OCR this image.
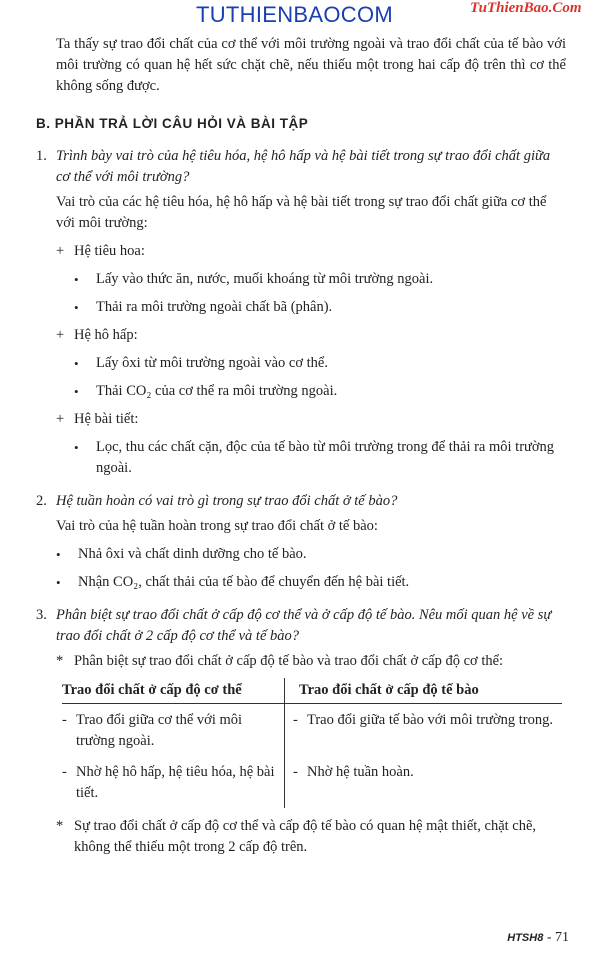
TUTHIENBAOCOM	TuThienBao.Com

Ta thấy sự trao đổi chất của cơ thể với môi trường ngoài và trao đổi chất của tế bào với môi trường có quan hệ hết sức chặt chẽ, nếu thiếu một trong hai cấp độ trên thì cơ thể không sống được.

B. PHẦN TRẢ LỜI CÂU HỎI VÀ BÀI TẬP
1. Trình bày vai trò của hệ tiêu hóa, hệ hô hấp và hệ bài tiết trong sự trao đổi chất giữa cơ thể với môi trường?

Vai trò của các hệ tiêu hóa, hệ hô hấp và hệ bài tiết trong sự trao đổi chất giữa cơ thể với môi trường:

+ Hệ tiêu hoa:
•	Lấy vào thức ăn, nước, muối khoáng từ môi trường ngoài.
•	Thải ra môi trường ngoài chất bã (phân).
+ Hệ hô hấp:
•	Lấy ôxi từ môi trường ngoài vào cơ thể.
•	Thải CO₂ của cơ thể ra môi trường ngoài.
+ Hệ bài tiết:
•	Lọc, thu các chất cặn, độc của tế bào từ môi trường trong để thải ra môi trường ngoài.
2. Hệ tuần hoàn có vai trò gì trong sự trao đổi chất ở tế bào?

Vai trò của hệ tuần hoàn trong sự trao đổi chất ở tế bào:

•	Nhả ôxi và chất dinh dưỡng cho tế bào.
•	Nhận CO₂, chất thải của tế bào để chuyển đến hệ bài tiết.
3. Phân biệt sự trao đổi chất ở cấp độ cơ thể và ở cấp độ tế bào. Nêu mối quan hệ về sự trao đổi chất ở 2 cấp độ cơ thể và tế bào?
* Phân biệt sự trao đổi chất ở cấp độ tế bào và trao đổi chất ở cấp độ cơ thể:
Trao đổi chất ở cấp độ cơ thể	Trao đổi chất ở cấp độ tế bào

- Trao đổi giữa cơ thể với môi trường ngoài.	- Trao đổi giữa tế bào với môi trường trong.

- Nhờ hệ hô hấp, hệ tiêu hóa, hệ bài tiết.	- Nhờ hệ tuần hoàn.
* Sự trao đổi chất ở cấp độ cơ thể và cấp độ tế bào có quan hệ mật thiết, chặt chẽ, không thể thiếu một trong 2 cấp độ trên.
HTSH8 - 71
